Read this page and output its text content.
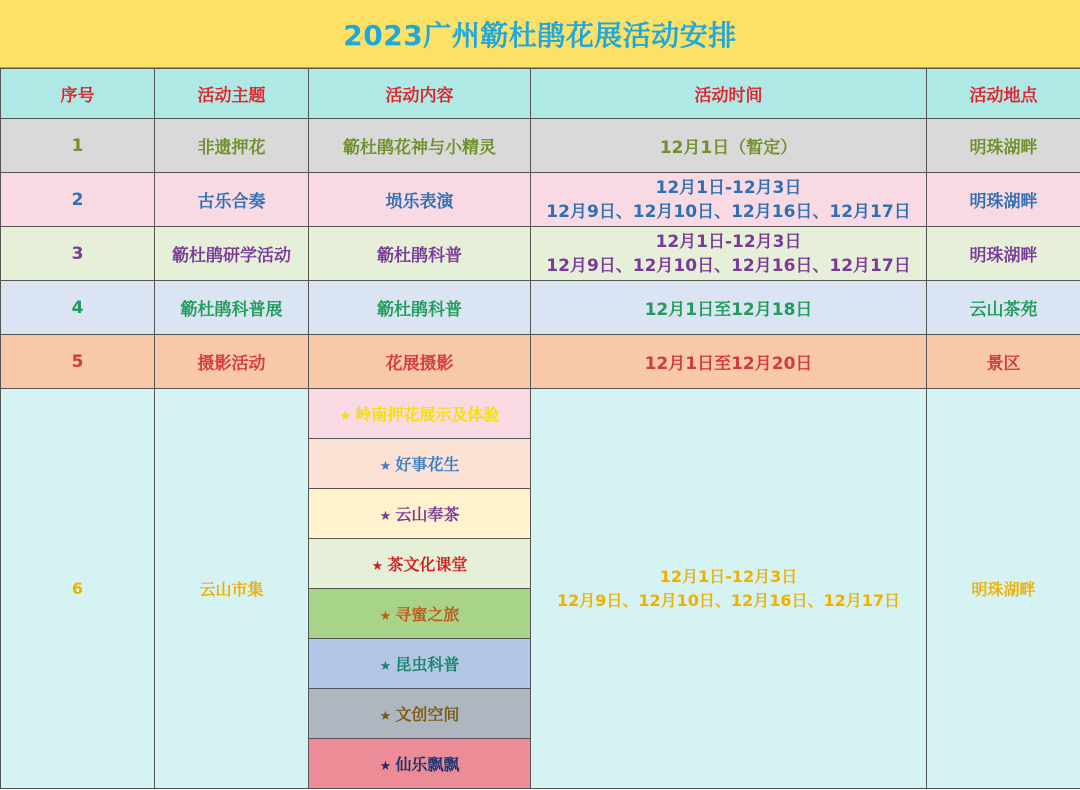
2023广州簕杜鹃花展活动安排
序号	活动主题	活动内容	活动时间	活动地点
1	非遗押花	簕杜鹃花神与小精灵	12月1日（暂定）	明珠湖畔
2	古乐合奏	埙乐表演	12月1日-12月3日
12月9日、12月10日、12月16日、12月17日	明珠湖畔
3	簕杜鹃研学活动	簕杜鹃科普	12月1日-12月3日
12月9日、12月10日、12月16日、12月17日	明珠湖畔
4	簕杜鹃科普展	簕杜鹃科普	12月1日至12月18日	云山茶苑
5	摄影活动	花展摄影	12月1日至12月20日	景区
6	云山市集	★ 岭南押花展示及体验	12月1日-12月3日
12月9日、12月10日、12月16日、12月17日	明珠湖畔
		★ 好事花生		
		★ 云山奉茶		
		★ 茶文化课堂		
		★ 寻蜜之旅		
		★ 昆虫科普		
		★ 文创空间		
		★ 仙乐飘飘		
